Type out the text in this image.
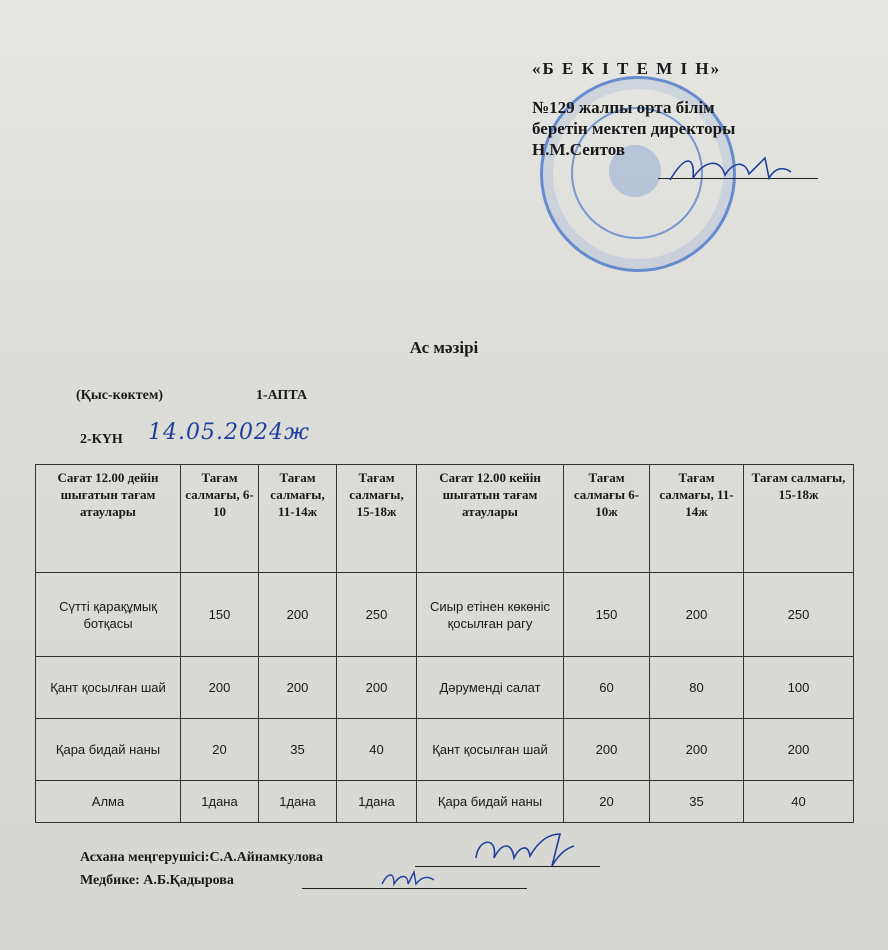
«Б Е К І Т Е М І Н»
№129 жалпы орта білім
беретін мектеп директоры
Н.М.Сеитов
Ас мәзірі
(Қыс-көктем)	1-АПТА
2-КҮН 14.05.2024ж
Сағат 12.00 дейін шығатын тағам атаулары	Тағам салмағы, 6-10	Тағам салмағы, 11-14ж	Тағам салмағы, 15-18ж	Сағат 12.00 кейін шығатын тағам атаулары	Тағам салмағы 6-10ж	Тағам салмағы, 11-14ж	Тағам салмағы, 15-18ж
Сүтті қарақұмық ботқасы	150	200	250	Сиыр етінен көкөніс қосылған рагу	150	200	250
Қант қосылған шай	200	200	200	Дәруменді салат	60	80	100
Қара бидай наны	20	35	40	Қант қосылған шай	200	200	200
Алма	1дана	1дана	1дана	Қара бидай наны	20	35	40
Асхана меңгерушісі:С.А.Айнамкулова
Медбике: А.Б.Қадырова
